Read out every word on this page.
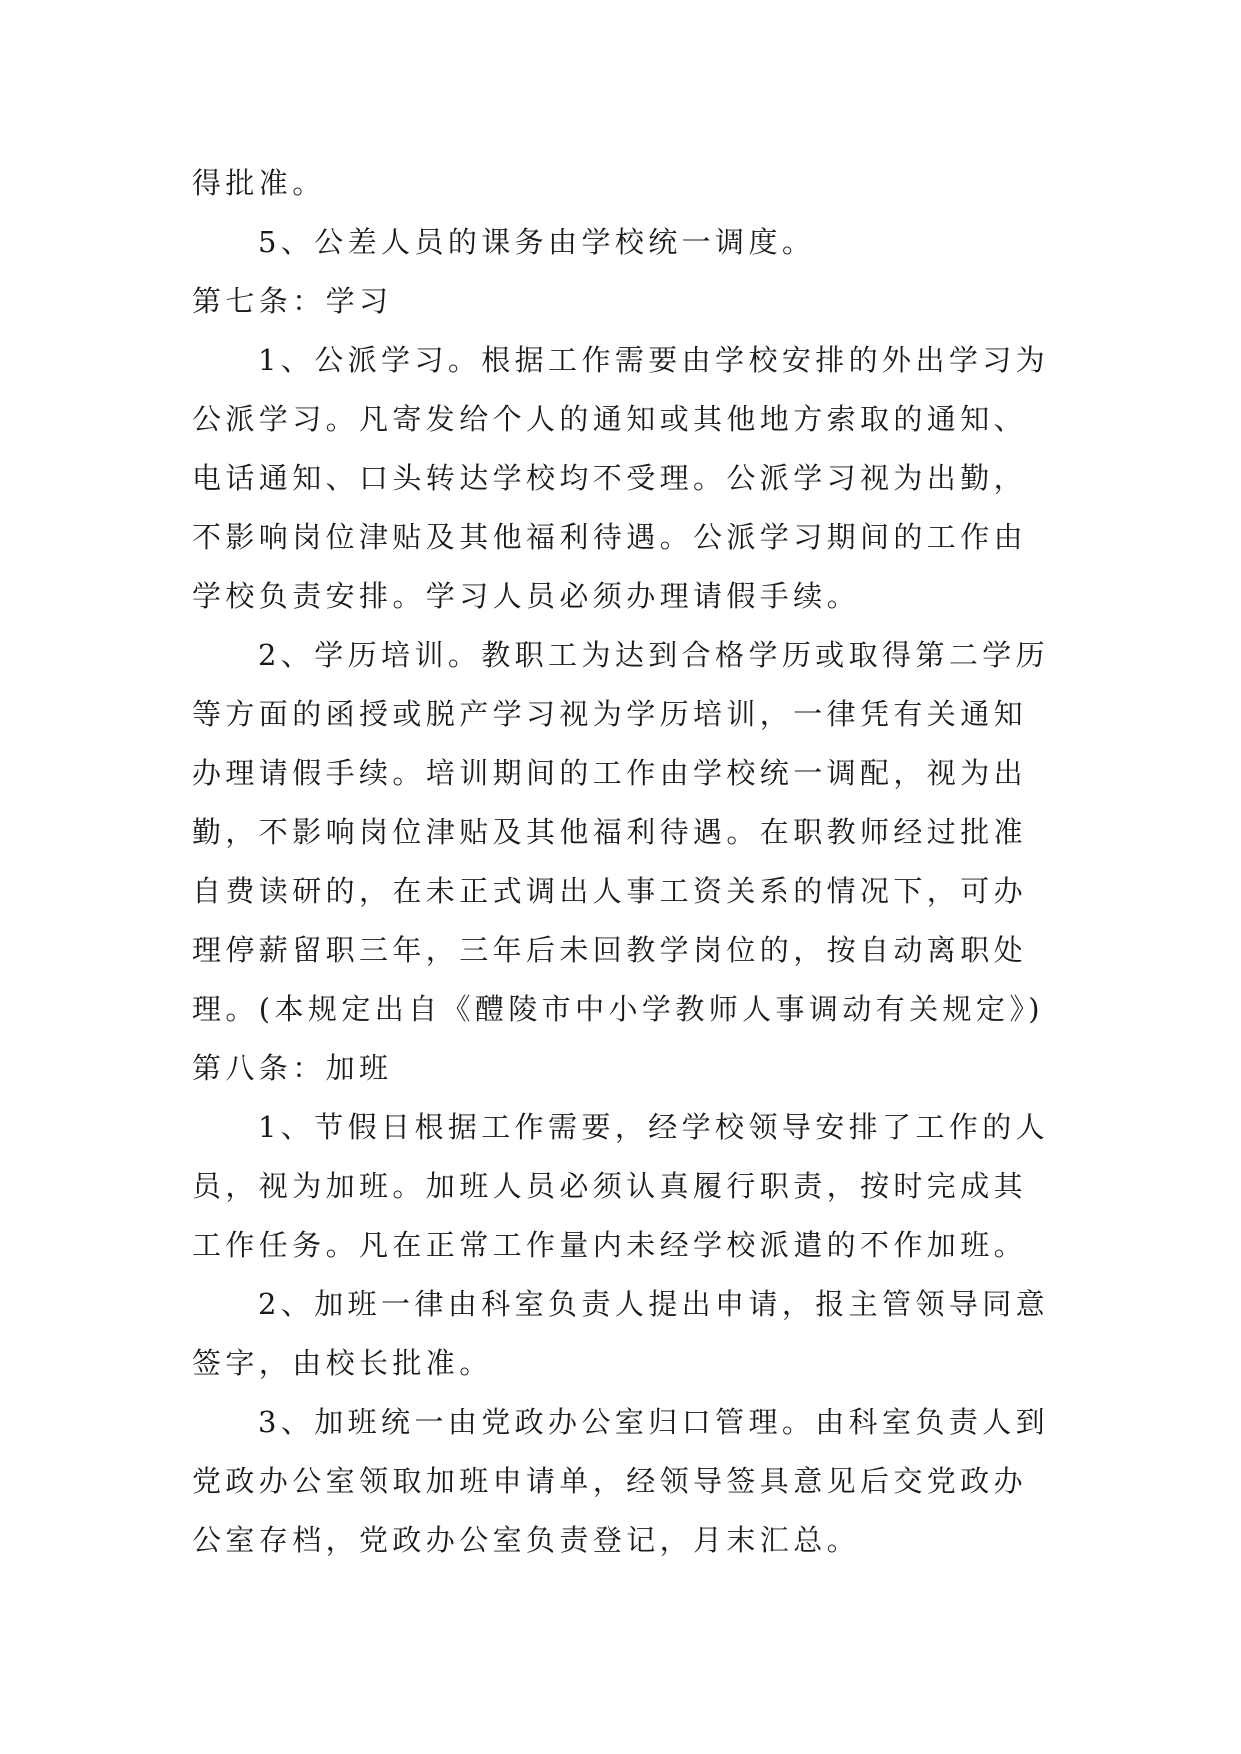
得批准。

5、公差人员的课务由学校统一调度。

第七条：学习

1、公派学习。根据工作需要由学校安排的外出学习为公派学习。凡寄发给个人的通知或其他地方索取的通知、电话通知、口头转达学校均不受理。公派学习视为出勤，不影响岗位津贴及其他福利待遇。公派学习期间的工作由学校负责安排。学习人员必须办理请假手续。

2、学历培训。教职工为达到合格学历或取得第二学历等方面的函授或脱产学习视为学历培训，一律凭有关通知办理请假手续。培训期间的工作由学校统一调配，视为出勤，不影响岗位津贴及其他福利待遇。在职教师经过批准自费读研的，在未正式调出人事工资关系的情况下，可办理停薪留职三年，三年后未回教学岗位的，按自动离职处理。(本规定出自《醴陵市中小学教师人事调动有关规定》)

第八条：加班

1、节假日根据工作需要，经学校领导安排了工作的人员，视为加班。加班人员必须认真履行职责，按时完成其工作任务。凡在正常工作量内未经学校派遣的不作加班。

2、加班一律由科室负责人提出申请，报主管领导同意签字，由校长批准。

3、加班统一由党政办公室归口管理。由科室负责人到党政办公室领取加班申请单，经领导签具意见后交党政办公室存档，党政办公室负责登记，月末汇总。
